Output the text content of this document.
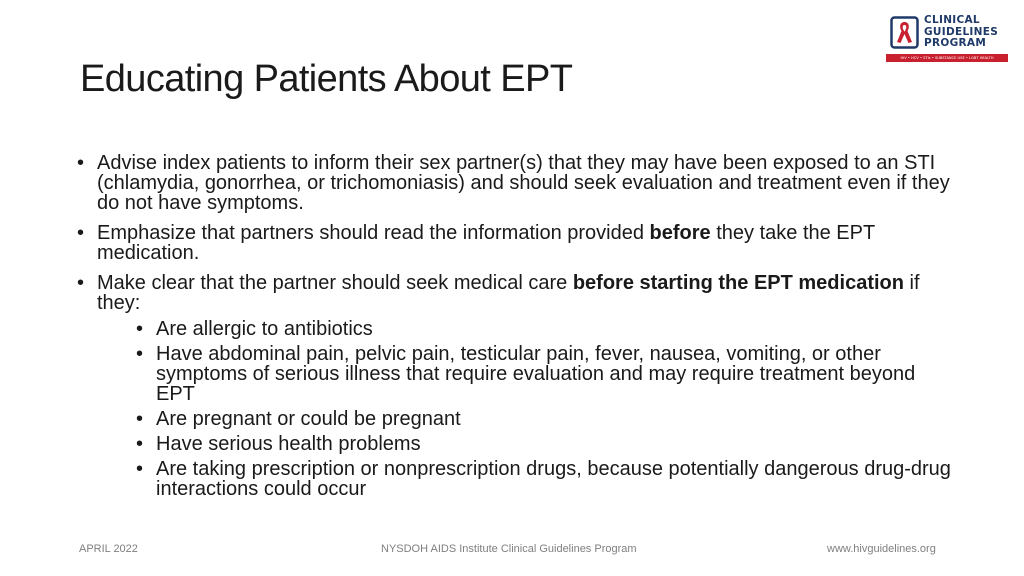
CLINICAL
GUIDELINES
PROGRAM
HIV • HCV • STIs • SUBSTANCE USE • LGBT HEALTH
Educating Patients About EPT
• Advise index patients to inform their sex partner(s) that they may have been exposed to an STI (chlamydia, gonorrhea, or trichomoniasis) and should seek evaluation and treatment even if they do not have symptoms.
• Emphasize that partners should read the information provided before they take the EPT medication.
• Make clear that the partner should seek medical care before starting the EPT medication if they:
• Are allergic to antibiotics
• Have abdominal pain, pelvic pain, testicular pain, fever, nausea, vomiting, or other symptoms of serious illness that require evaluation and may require treatment beyond EPT
• Are pregnant or could be pregnant
• Have serious health problems
• Are taking prescription or nonprescription drugs, because potentially dangerous drug-drug interactions could occur
APRIL 2022	NYSDOH AIDS Institute Clinical Guidelines Program	www.hivguidelines.org
